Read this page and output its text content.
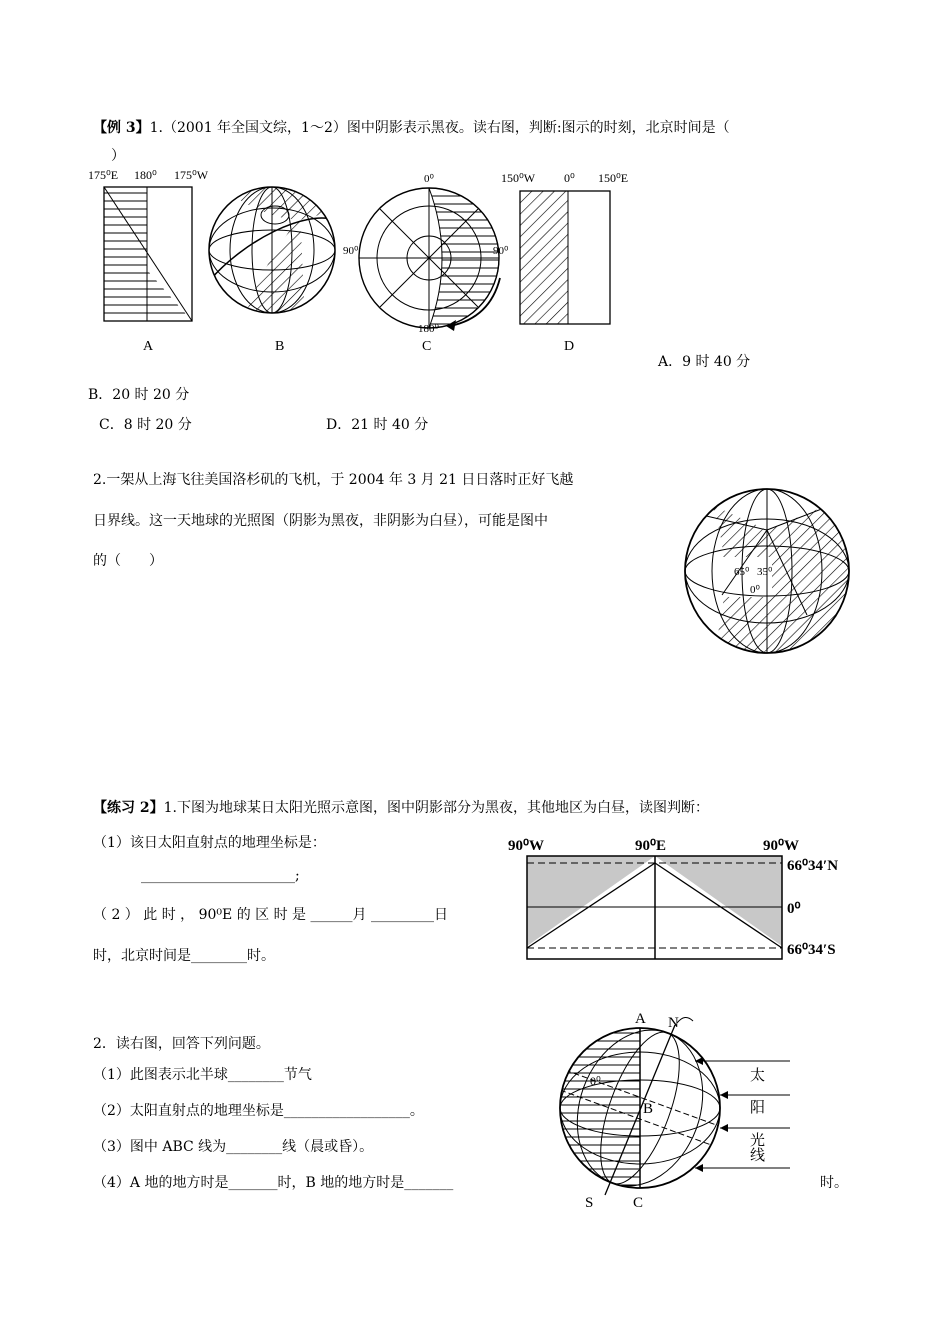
【例 3】1.（2001 年全国文综，1～2）图中阴影表示黑夜。读右图，判断:图示的时刻，北京时间是（
）
175⁰E 180⁰ 175⁰W
A	B
0⁰
90⁰	90⁰
180⁰
C
150⁰W 0⁰ 150⁰E
D
A．9 时 40 分
B．20 时 20 分
C．8 时 20 分	D．21 时 40 分
2.一架从上海飞往美国洛杉矶的飞机，于 2004 年 3 月 21 日日落时正好飞越
日界线。这一天地球的光照图（阴影为黑夜，非阴影为白昼），可能是图中
的（　　）
65⁰ 35⁰
0⁰
【练习 2】1.下图为地球某日太阳光照示意图，图中阴影部分为黑夜，其他地区为白昼，读图判断：
（1）该日太阳直射点的地理坐标是：
______________________;
（ 2 ） 此 时 ， 90⁰E 的 区 时 是 ______月 _________日
时，北京时间是________时。
90⁰W	90⁰E	90⁰W
66⁰34′N
0⁰
66⁰34′S
2．读右图，回答下列问题。
（1）此图表示北半球________节气
（2）太阳直射点的地理坐标是__________________。
（3）图中 ABC 线为________线（晨或昏）。
（4）A 地的地方时是_______时，B 地的地方时是_______	时。
A N
B
S	C
0⁰	太
阳
光
线
